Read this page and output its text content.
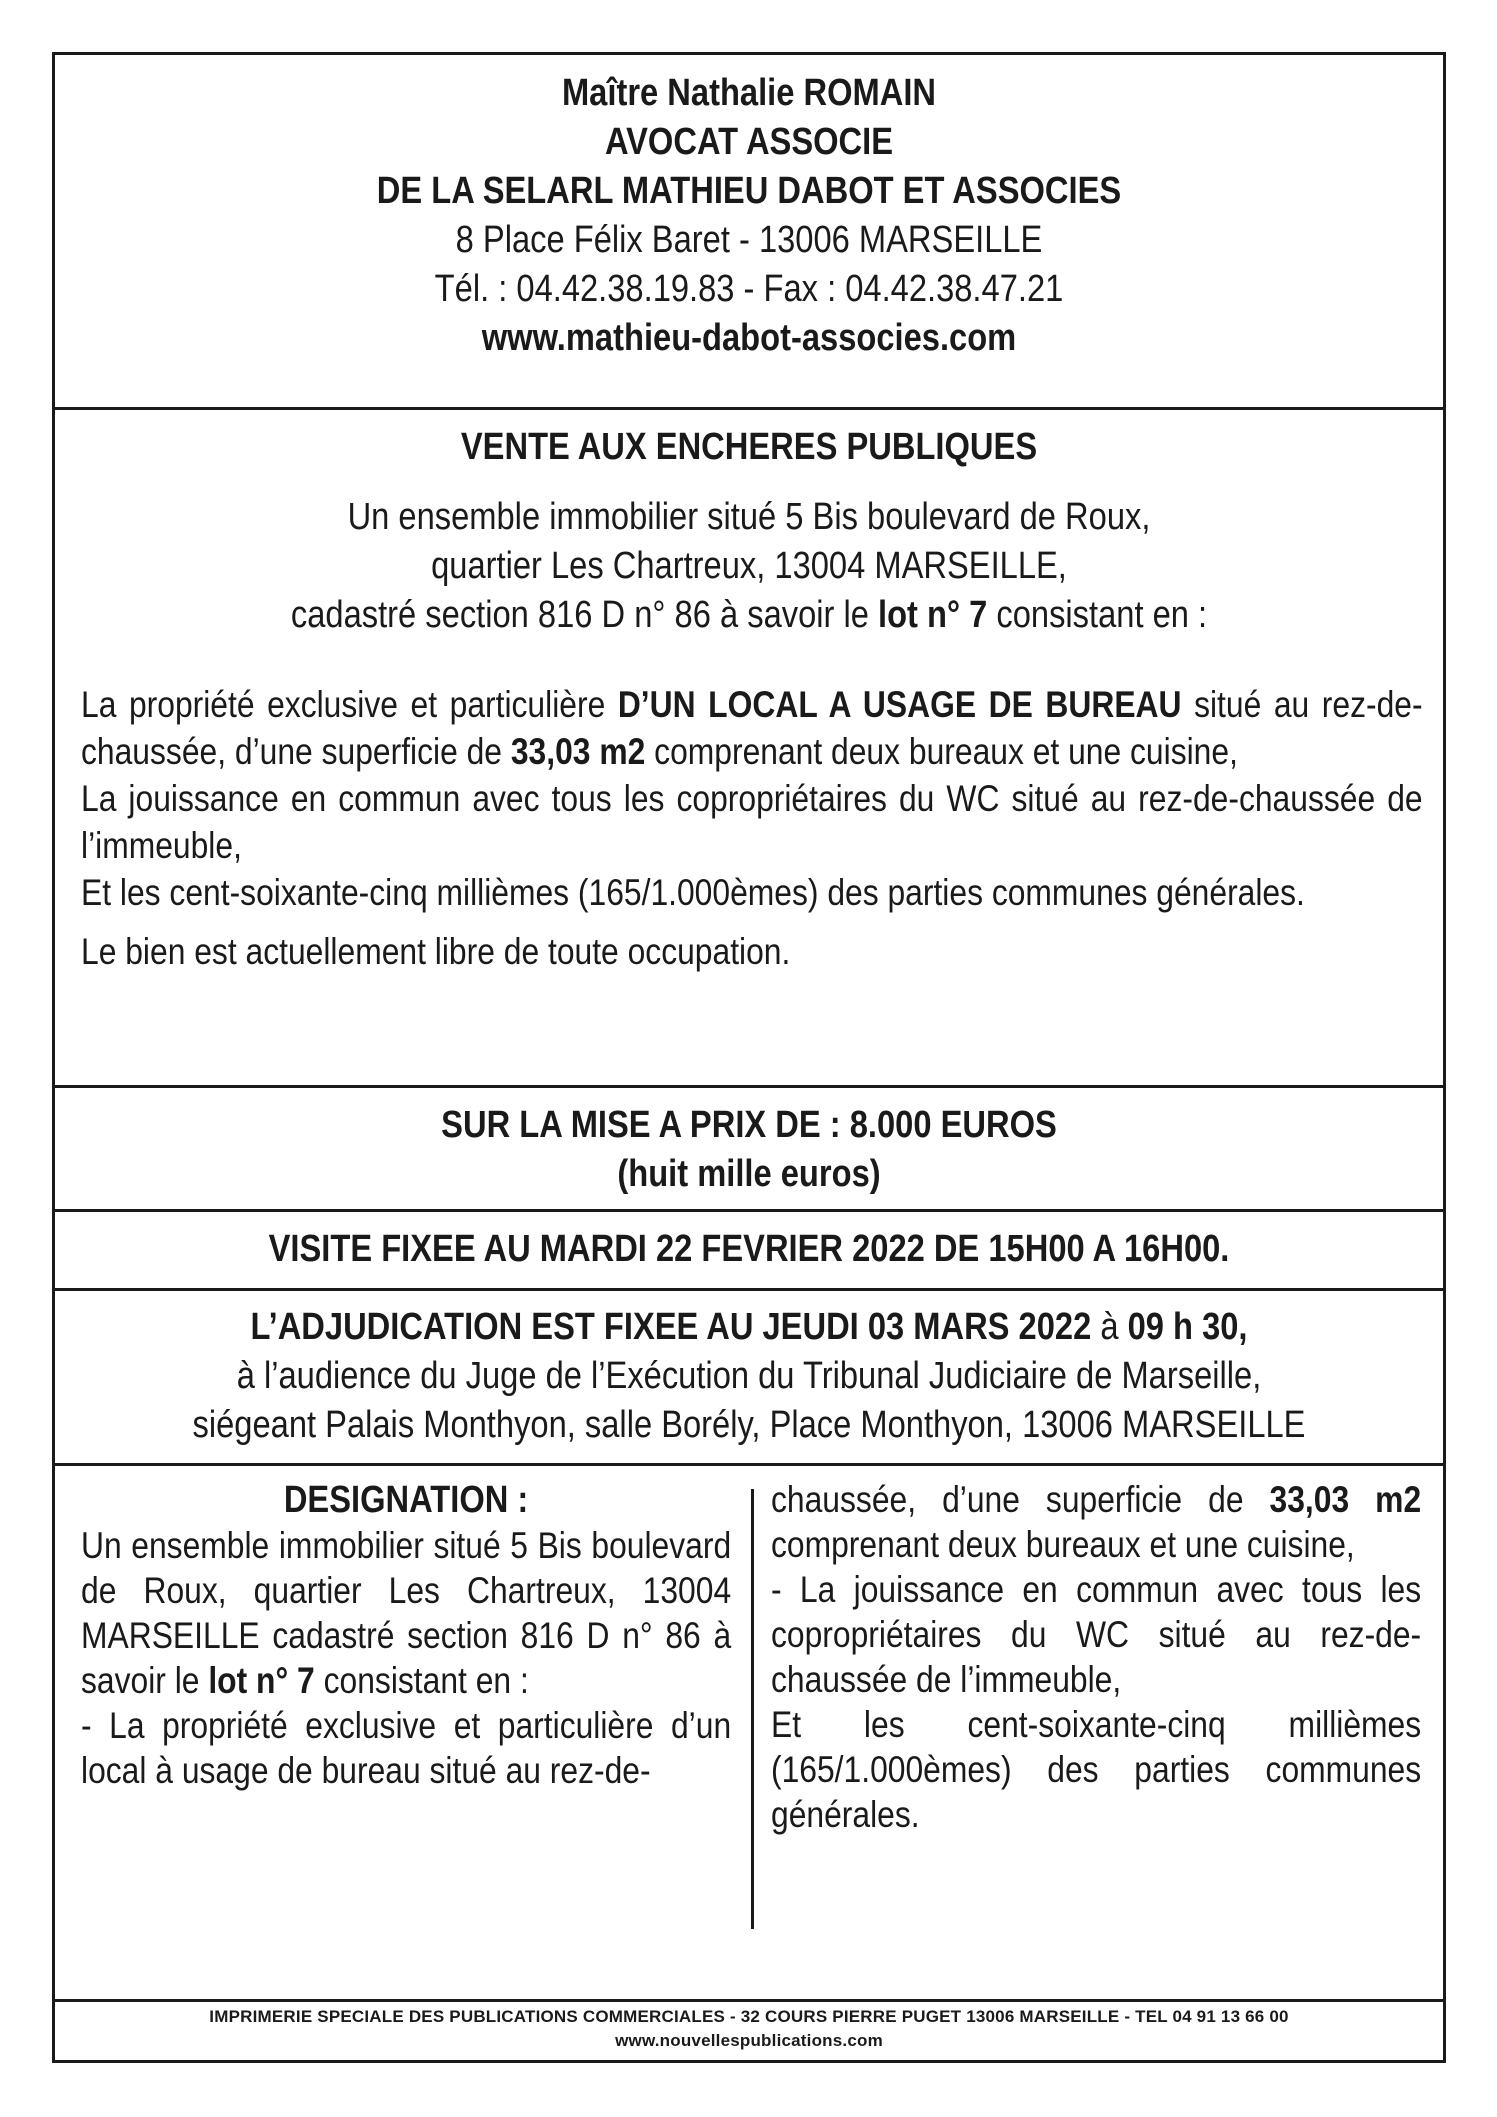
Maître Nathalie ROMAIN
AVOCAT ASSOCIE
DE LA SELARL MATHIEU DABOT ET ASSOCIES
8 Place Félix Baret - 13006 MARSEILLE
Tél. : 04.42.38.19.83 - Fax : 04.42.38.47.21
www.mathieu-dabot-associes.com
VENTE AUX ENCHERES PUBLIQUES
Un ensemble immobilier situé 5 Bis boulevard de Roux,
quartier Les Chartreux, 13004 MARSEILLE,
cadastré section 816 D n° 86 à savoir le lot n° 7 consistant en :
La propriété exclusive et particulière D’UN LOCAL A USAGE DE BUREAU situé au rez-de-chaussée, d’une superficie de 33,03 m2 comprenant deux bureaux et une cuisine,
La jouissance en commun avec tous les copropriétaires du WC situé au rez-de-chaussée de l’immeuble,
Et les cent-soixante-cinq millièmes (165/1.000èmes) des parties communes générales.
Le bien est actuellement libre de toute occupation.
SUR LA MISE A PRIX DE : 8.000 EUROS
(huit mille euros)
VISITE FIXEE AU MARDI 22 FEVRIER 2022 DE 15H00 A 16H00.
L’ADJUDICATION EST FIXEE AU JEUDI 03 MARS 2022 à 09 h 30,
à l’audience du Juge de l’Exécution du Tribunal Judiciaire de Marseille,
siégeant Palais Monthyon, salle Borély, Place Monthyon, 13006 MARSEILLE
DESIGNATION :
Un ensemble immobilier situé 5 Bis boulevard de Roux, quartier Les Chartreux, 13004 MARSEILLE cadastré section 816 D n° 86 à savoir le lot n° 7 consistant en :
- La propriété exclusive et particulière d’un local à usage de bureau situé au rez-de-
chaussée, d’une superficie de 33,03 m2 comprenant deux bureaux et une cuisine,
- La jouissance en commun avec tous les copropriétaires du WC situé au rez-de-chaussée de l’immeuble,
Et les cent-soixante-cinq millièmes (165/1.000èmes) des parties communes générales.
IMPRIMERIE SPECIALE DES PUBLICATIONS COMMERCIALES - 32 COURS PIERRE PUGET 13006 MARSEILLE - TEL 04 91 13 66 00
www.nouvellespublications.com
